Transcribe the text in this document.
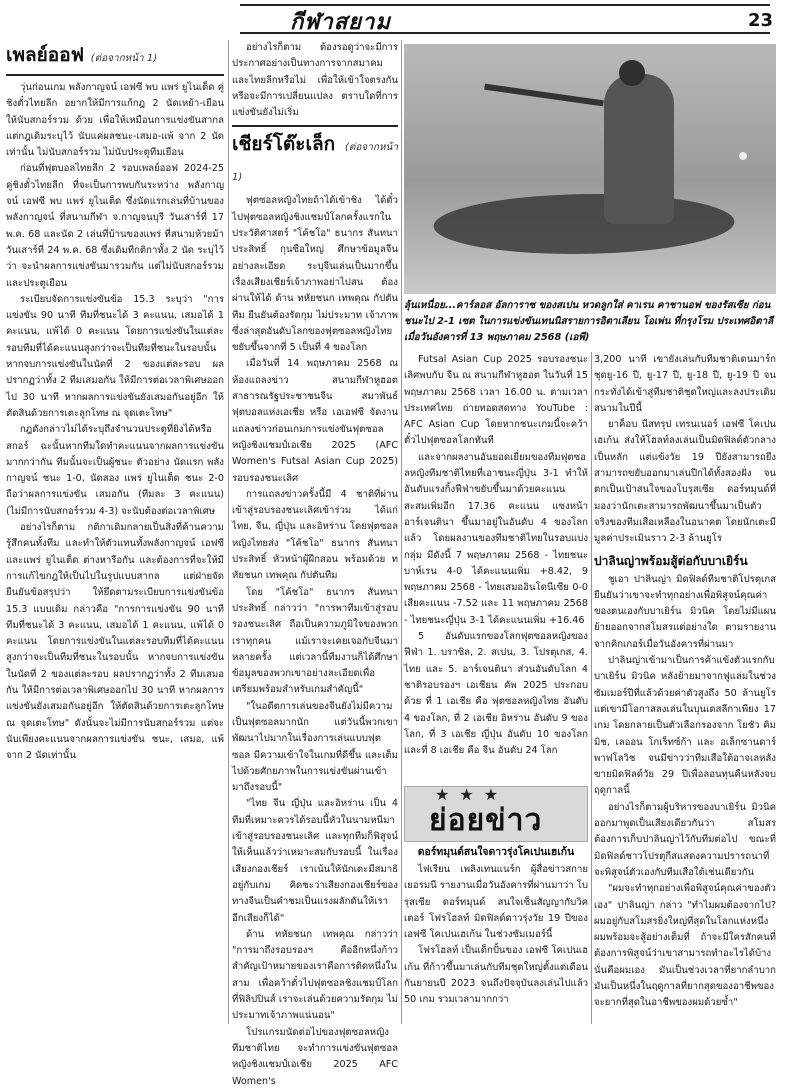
กีฬาสยาม	23
เพลย์ออฟ (ต่อจากหน้า 1)

วุ่นก่อนเกม พลังกาญจน์ เอฟซี พบ แพร่ ยูไนเต็ด คู่ชิงตั๋วไทยลีก อยากให้มีการแก้กฎ 2 นัดเหย้า-เยือน ให้นับสกอร์รวม ด้วย เพื่อให้เหมือนการแข่งขันสากล แต่กฎเดิมระบุไว้ นับแค่ผลชนะ-เสมอ-แพ้ จาก 2 นัดเท่านั้น ไม่นับสกอร์รวม ไม่นับประตูทีมเยือน

ก่อนที่ฟุตบอลไทยลีก 2 รอบเพลย์ออฟ 2024-25 คู่ชิงตั๋วไทยลีก ที่จะเป็นการพบกันระหว่าง พลังกาญจน์ เอฟซี พบ แพร่ ยูไนเต็ด ซึ่งนัดแรกเล่นที่บ้านของพลังกาญจน์ ที่สนามกีฬา จ.กาญจนบุรี วันเสาร์ที่ 17 พ.ค. 68 และนัด 2 เล่นที่บ้านของแพร่ ที่สนามห้วยม้า วันเสาร์ที่ 24 พ.ค. 68 ซึ่งเดิมทีกติกาทั้ง 2 นัด ระบุไว้ว่า จะนำผลการแข่งขันมารวมกัน แต่ไม่นับสกอร์รวม และประตูเยือน

ระเบียบจัดการแข่งขันข้อ 15.3 ระบุว่า "การแข่งขัน 90 นาที ทีมที่ชนะได้ 3 คะแนน, เสมอได้ 1 คะแนน, แพ้ได้ 0 คะแนน โดยการแข่งขันในแต่ละรอบทีมที่ได้คะแนนสูงกว่าจะเป็นทีมที่ชนะในรอบนั้น หากจบการแข่งขันในนัดที่ 2 ของแต่ละรอบ ผลปรากฏว่าทั้ง 2 ทีมเสมอกัน ให้มีการต่อเวลาพิเศษออกไป 30 นาที หากผลการแข่งขันยังเสมอกันอยู่อีก ให้ตัดสินด้วยการเตะลูกโทษ ณ จุดเตะโทษ"

กฎดังกล่าวไม่ได้ระบุถึงจำนวนประตูที่ยิงได้หรือ สกอร์ ฉะนั้นหากทีมใดทำคะแนนจากผลการแข่งขันมากกว่ากัน ทีมนั้นจะเป็นผู้ชนะ ตัวอย่าง นัดแรก พลังกาญจน์ ชนะ 1-0, นัดสอง แพร่ ยูไนเต็ด ชนะ 2-0 ถือว่าผลการแข่งขัน เสมอกัน (ทีมละ 3 คะแนน) (ไม่มีการนับสกอร์รวม 4-3) จะนับต้องต่อเวลาพิเศษ

อย่างไรก็ตาม กติกาเดิมกลายเป็นสิ่งที่ค้านความรู้สึกคนทั้งทีม และทำให้ตัวแทนทั้งพลังกาญจน์ เอฟซี และแพร่ ยูไนเต็ด ต่างหารือกัน และต้องการที่จะให้มีการแก้ไขกฎให้เป็นไปในรูปแบบสากล แต่ฝ่ายจัดยืนยันข้อสรุปว่า ให้ยึดตามระเบียบการแข่งขันข้อ 15.3 แบบเดิม กล่าวคือ "การการแข่งขัน 90 นาที ทีมที่ชนะได้ 3 คะแนน, เสมอได้ 1 คะแนน, แพ้ได้ 0 คะแนน โดยการแข่งขันในแต่ละรอบทีมที่ได้คะแนนสูงกว่าจะเป็นทีมที่ชนะในรอบนั้น หากจบการแข่งขันในนัดที่ 2 ของแต่ละรอบ ผลปรากฏว่าทั้ง 2 ทีมเสมอกัน ให้มีการต่อเวลาพิเศษออกไป 30 นาที หากผลการแข่งขันยังเสมอกันอยู่อีก ให้ตัดสินด้วยการเตะลูกโทษ ณ จุดเตะโทษ" ดังนั้นจะไม่มีการนับสกอร์รวม แต่จะนับเพียงคะแนนจากผลการแข่งขัน ชนะ, เสมอ, แพ้ จาก 2 นัดเท่านั้น

อย่างไรก็ตาม ต้องรอดูว่าจะมีการประกาศอย่างเป็นทางการจากสมาคม และไทยลีกหรือไม่ เพื่อให้เข้าใจตรงกัน หรือจะมีการเปลี่ยนแปลง ตราบใดที่การแข่งขันยังไม่เริ่ม

เชียร์โต๊ะเล็ก (ต่อจากหน้า 1)

ฟุตซอลหญิงไทยถ้าได้เข้าชิง ได้ตั๋วไปฟุตซอลหญิงชิงแชมป์โลกครั้งแรกในประวัติศาสตร์ "โค้ชโอ" ธนากร สันทนาประสิทธิ์ กุนซือใหญ่ ศึกษาข้อมูลจีนอย่างละเอียด ระบุจีนเล่นเป็นมากขึ้น เรื่องเสียงเชียร์เจ้าภาพอย่าไปสน ต้องผ่านให้ได้ ด้าน ทหัยชนก เทพคุณ กัปตันทีม ยืนยันต้องรัดกุม ไม่ประมาท เจ้าภาพ ซึ่งล่าสุดอันดับโลกของฟุตซอลหญิงไทยขยับขึ้นจากที่ 5 เป็นที่ 4 ของโลก

เมื่อวันที่ 14 พฤษภาคม 2568 ณ ห้องแถลงข่าว สนามกีฬาหูฮอต สาธารณรัฐประชาชนจีน สมาพันธ์ฟุตบอลแห่งเอเชีย หรือ เอเอฟซี จัดงานแถลงข่าวก่อนเกมการแข่งขันฟุตซอลหญิงชิงแชมป์เอเชีย 2025 (AFC Women's Futsal Asian Cup 2025) รอบรองชนะเลิศ

การแถลงข่าวครั้งนี้มี 4 ชาติที่ผ่านเข้าสู่รอบรองชนะเลิศเข้าร่วม ได้แก่ ไทย, จีน, ญี่ปุ่น และอิหร่าน โดยฟุตซอลหญิงไทยส่ง "โค้ชโอ" ธนากร สันทนาประสิทธิ์ หัวหน้าผู้ฝึกสอน พร้อมด้วย ทหัยชนก เทพคุณ กัปตันทีม

โดย "โค้ชโอ" ธนากร สันทนาประสิทธิ์ กล่าวว่า "การพาทีมเข้าสู่รอบรองชนะเลิศ ถือเป็นความภูมิใจของพวกเราทุกคน แม้เราจะเคยเจอกับจีนมาหลายครั้ง แต่เวลานี้ทีมงานก็ได้ศึกษาข้อมูลของพวกเขาอย่างละเอียดเพื่อเตรียมพร้อมสำหรับเกมสำคัญนี้"

"ในอดีตการเล่นของจีนยังไม่มีความเป็นฟุตซอลมากนัก แต่วันนี้พวกเขาพัฒนาไปมากในเรื่องการเล่นแบบฟุตซอล มีความเข้าใจในเกมที่ดีขึ้น และเต็มไปด้วยศักยภาพในการแข่งขันผ่านเข้ามาถึงรอบนี้"

"ไทย จีน ญี่ปุ่น และอิหร่าน เป็น 4 ทีมที่เหมาะควรได้รอบนี้หัวในนามหนีมาเข้าสู่รอบรองชนะเลิศ และทุกทีมก็ฟิสูจน์ให้เห็นแล้วว่าเหมาะสมกับรอบนี้ ในเรื่องเสียงกองเชียร์ เราเน้นให้นักเตะมีสมาธิอยู่กับเกม คิดชะว่าเสียงกองเชียร์ของทางจีนเป็นคำชมเป็นแรงผลักดันให้เราอีกเสียงก็ได้"

ด้าน ทหัยชนก เทพคุณ กล่าวว่า "การมาถึงรอบรองฯ คืออีกหนึ่งก้าวสำคัญเป้าหมายของเราคือการติดหนึ่งในสาม เพื่อคว้าตั๋วไปฟุตซอลชิงแชมป์โลกที่ฟิลิปปินส์ เราจะเล่นด้วยความรัดกุม ไม่ประมาทเจ้าภาพแน่นอน"

โปรแกรมนัดต่อไปของฟุตซอลหญิงทีมชาติไทย จะทำการแข่งขันฟุตซอลหญิงชิงแชมป์เอเชีย 2025 AFC Women's

ลุ้นเหนื่อย...คาร์ลอส อัลการาซ ของสเปน หวดลูกใส่ คาเรน คาชานอฟ ของรัสเซีย ก่อนชนะไป 2-1 เซต ในการแข่งขันเทนนิสรายการอิตาเลียน โอเพ่น ที่กรุงโรม ประเทศอิตาลี เมื่อวันอังคารที่ 13 พฤษภาคม 2568 (เอพี)

Futsal Asian Cup 2025 รอบรองชนะเลิศพบกับ จีน ณ สนามกีฬาหูฮอต ในวันที่ 15 พฤษภาคม 2568 เวลา 16.00 น. ตามเวลาประเทศไทย ถ่ายทอดสดทาง YouTube : AFC Asian Cup โดยหากชนะเกมนี้จะคว้าตั๋วไปฟุตซอลโลกทันที

และจากผลงานอันยอดเยี่ยมของทีมฟุตซอลหญิงทีมชาติไทยที่เอาชนะญี่ปุ่น 3-1 ทำให้อันดับแรงกิ้งฟีฟ่าขยับขึ้นมาด้วยคะแนนสะสมเพิ่มอีก 17.36 คะแนน แซงหน้าอาร์เจนตินา ขึ้นมาอยู่ในอันดับ 4 ของโลกแล้ว โดยผลงานของทีมชาติไทยในรอบแบ่งกลุ่ม มีดังนี้ 7 พฤษภาคม 2568 - ไทยชนะบาห์เรน 4-0 ได้คะแนนเพิ่ม +8.42, 9 พฤษภาคม 2568 - ไทยเสมออินโดนีเซีย 0-0 เสียคะแนน -7.52 และ 11 พฤษภาคม 2568 - ไทยชนะญี่ปุ่น 3-1 ได้คะแนนเพิ่ม +16.46

5 อันดับแรกของโลกฟุตซอลหญิงของฟีฟ่า 1. บราซิล, 2. สเปน, 3. โปรตุเกส, 4. ไทย และ 5. อาร์เจนตินา ส่วนอันดับโลก 4 ชาติรอบรองฯ เอเชียน คัพ 2025 ประกอบด้วย ที่ 1 เอเชีย คือ ฟุตซอลหญิงไทย อันดับ 4 ของโลก, ที่ 2 เอเชีย อิหร่าน อันดับ 9 ของโลก, ที่ 3 เอเชีย ญี่ปุ่น อันดับ 10 ของโลก และที่ 8 เอเชีย คือ จีน อันดับ 24 โลก

★★★
ย่อยข่าว
ดอร์ทมุนด์สนใจดาวรุ่งโคเปนเฮเก้น

ไฟเรียน เพลิงเทนแนร์ก ผู้สื่อข่าวสกาย เยอรมนี รายงานเมื่อวันอังคารที่ผ่านมาว่า โบรุสเซีย ดอร์ทมุนด์ สนใจเซ็นสัญญากับวิคเตอร์ โฟรโฮลท์ มิดฟิลด์ดาวรุ่งวัย 19 ปีของ เอฟซี โคเปนเฮเก้น ในช่วงซัมเมอร์นี้

โฟรโฮลท์ เป็นเด็กปั้นของ เอฟซี โคเปนเฮเก้น ที่ก้าวขึ้นมาเล่นกับทีมชุดใหญ่ตั้งแต่เดือนกันยายนปี 2023 จนถึงปัจจุบันลงเล่นไปแล้ว 50 เกม รวมเวลามากกว่า

3,200 นาที เขายังเล่นกับทีมชาติเดนมาร์กชุดยู-16 ปี, ยู-17 ปี, ยู-18 ปี, ยู-19 ปี จนกระทั่งได้เข้าสู่ทีมชาติชุดใหญ่และลงประเดิมสนามในปีนี้

ยาค็อบ นีสทรุป เทรนเนอร์ เอฟซี โคเปนเฮเก้น ส่งให้โฮลท์ลงเล่นเป็นมิดฟิลด์ตัวกลางเป็นหลัก แต่แข้งวัย 19 ปียังสามารถยึงสามารถขยับออกมาเล่นปีกได้ทั้งสองฝั่ง จนตกเป็นเป้าสนใจของโบรุสเซีย ดอร์ทมุนด์ที่มองว่านักเตะสามารถพัฒนาขึ้นมาเป็นตัวจริงของทีมเสือเหลืองในอนาคต โดยนักเตะมีมูลค่าประเมินราว 2-3 ล้านยูโร

ปาลินญ่าพร้อมสู้ต่อกับบาเยิร์น

ชูเอา ปาลินญ่า มิดฟิลด์ทีมชาติโปรตุเกสยืนยันว่าเขาจะทำทุกอย่างเพื่อพิสูจน์คุณค่าของตนเองกับบาเยิร์น มิวนิค โดยไม่มีแผนย้ายออกจากสโมสรแต่อย่างใด ตามรายงานจากคิกเกอร์เมื่อวันอังคารที่ผ่านมา

ปาลินญ่าเข้ามาเป็นการค้าแข้งตัวแรกกับบาเยิร์น มิวนิค หลังย้ายมาจากฟูแล่มในช่วงซัมเมอร์ปีที่แล้วด้วยค่าตัวสูงถึง 50 ล้านยูโร แต่เขามีโอกาสลงเล่นในบุนเดสลีกาเพียง 17 เกม โดยกลายเป็นตัวเลือกรองจาก โยชัว คิมมิช, เลออน โกเร็ทซ์ก้า และ อเล็กซานดาร์ พาฟโลวิช จนมีข่าวว่าทีมเสือใต้อาจเลหลังขายมิดฟิลด์วัย 29 ปีเพื่อลอนทุนคืนหลังจบฤดูกาลนี้

อย่างไรก็ตามผู้บริหารของบาเยิร์น มิวนิค ออกมาพูดเป็นเสียงเดียวกันว่า สโมสรต้องการเก็บปาลินญ่าไว้กับทีมต่อไป ขณะที่มิดฟิลด์ชาวโปรตุกีสแสดงความปรารถนาที่จะพิสูจน์ตัวเองกับทีมเสือใต้เช่นเดียวกัน

"ผมจะทำทุกอย่างเพื่อพิสูจน์คุณค่าของตัวเอง" ปาลินญ่า กล่าว "ทำไมผมต้องจากไป? ผมอยู่กับสโมสรยิ่งใหญ่ที่สุดในโลกแห่งหนึ่ง ผมพร้อมจะสู้อย่างเต็มที่ ถ้าจะมีใครสักคนที่ต้องการพิสูจน์ว่าเขาสามารถทำอะไรได้บ้าง นั่นคือผมเอง มันเป็นช่วงเวลาที่ยากลำบาก มันเป็นหนึ่งในฤดูกาลที่ยากสุดของอาชีพของจะยากที่สุดในอาชีพของผมด้วยซ้ำ"
